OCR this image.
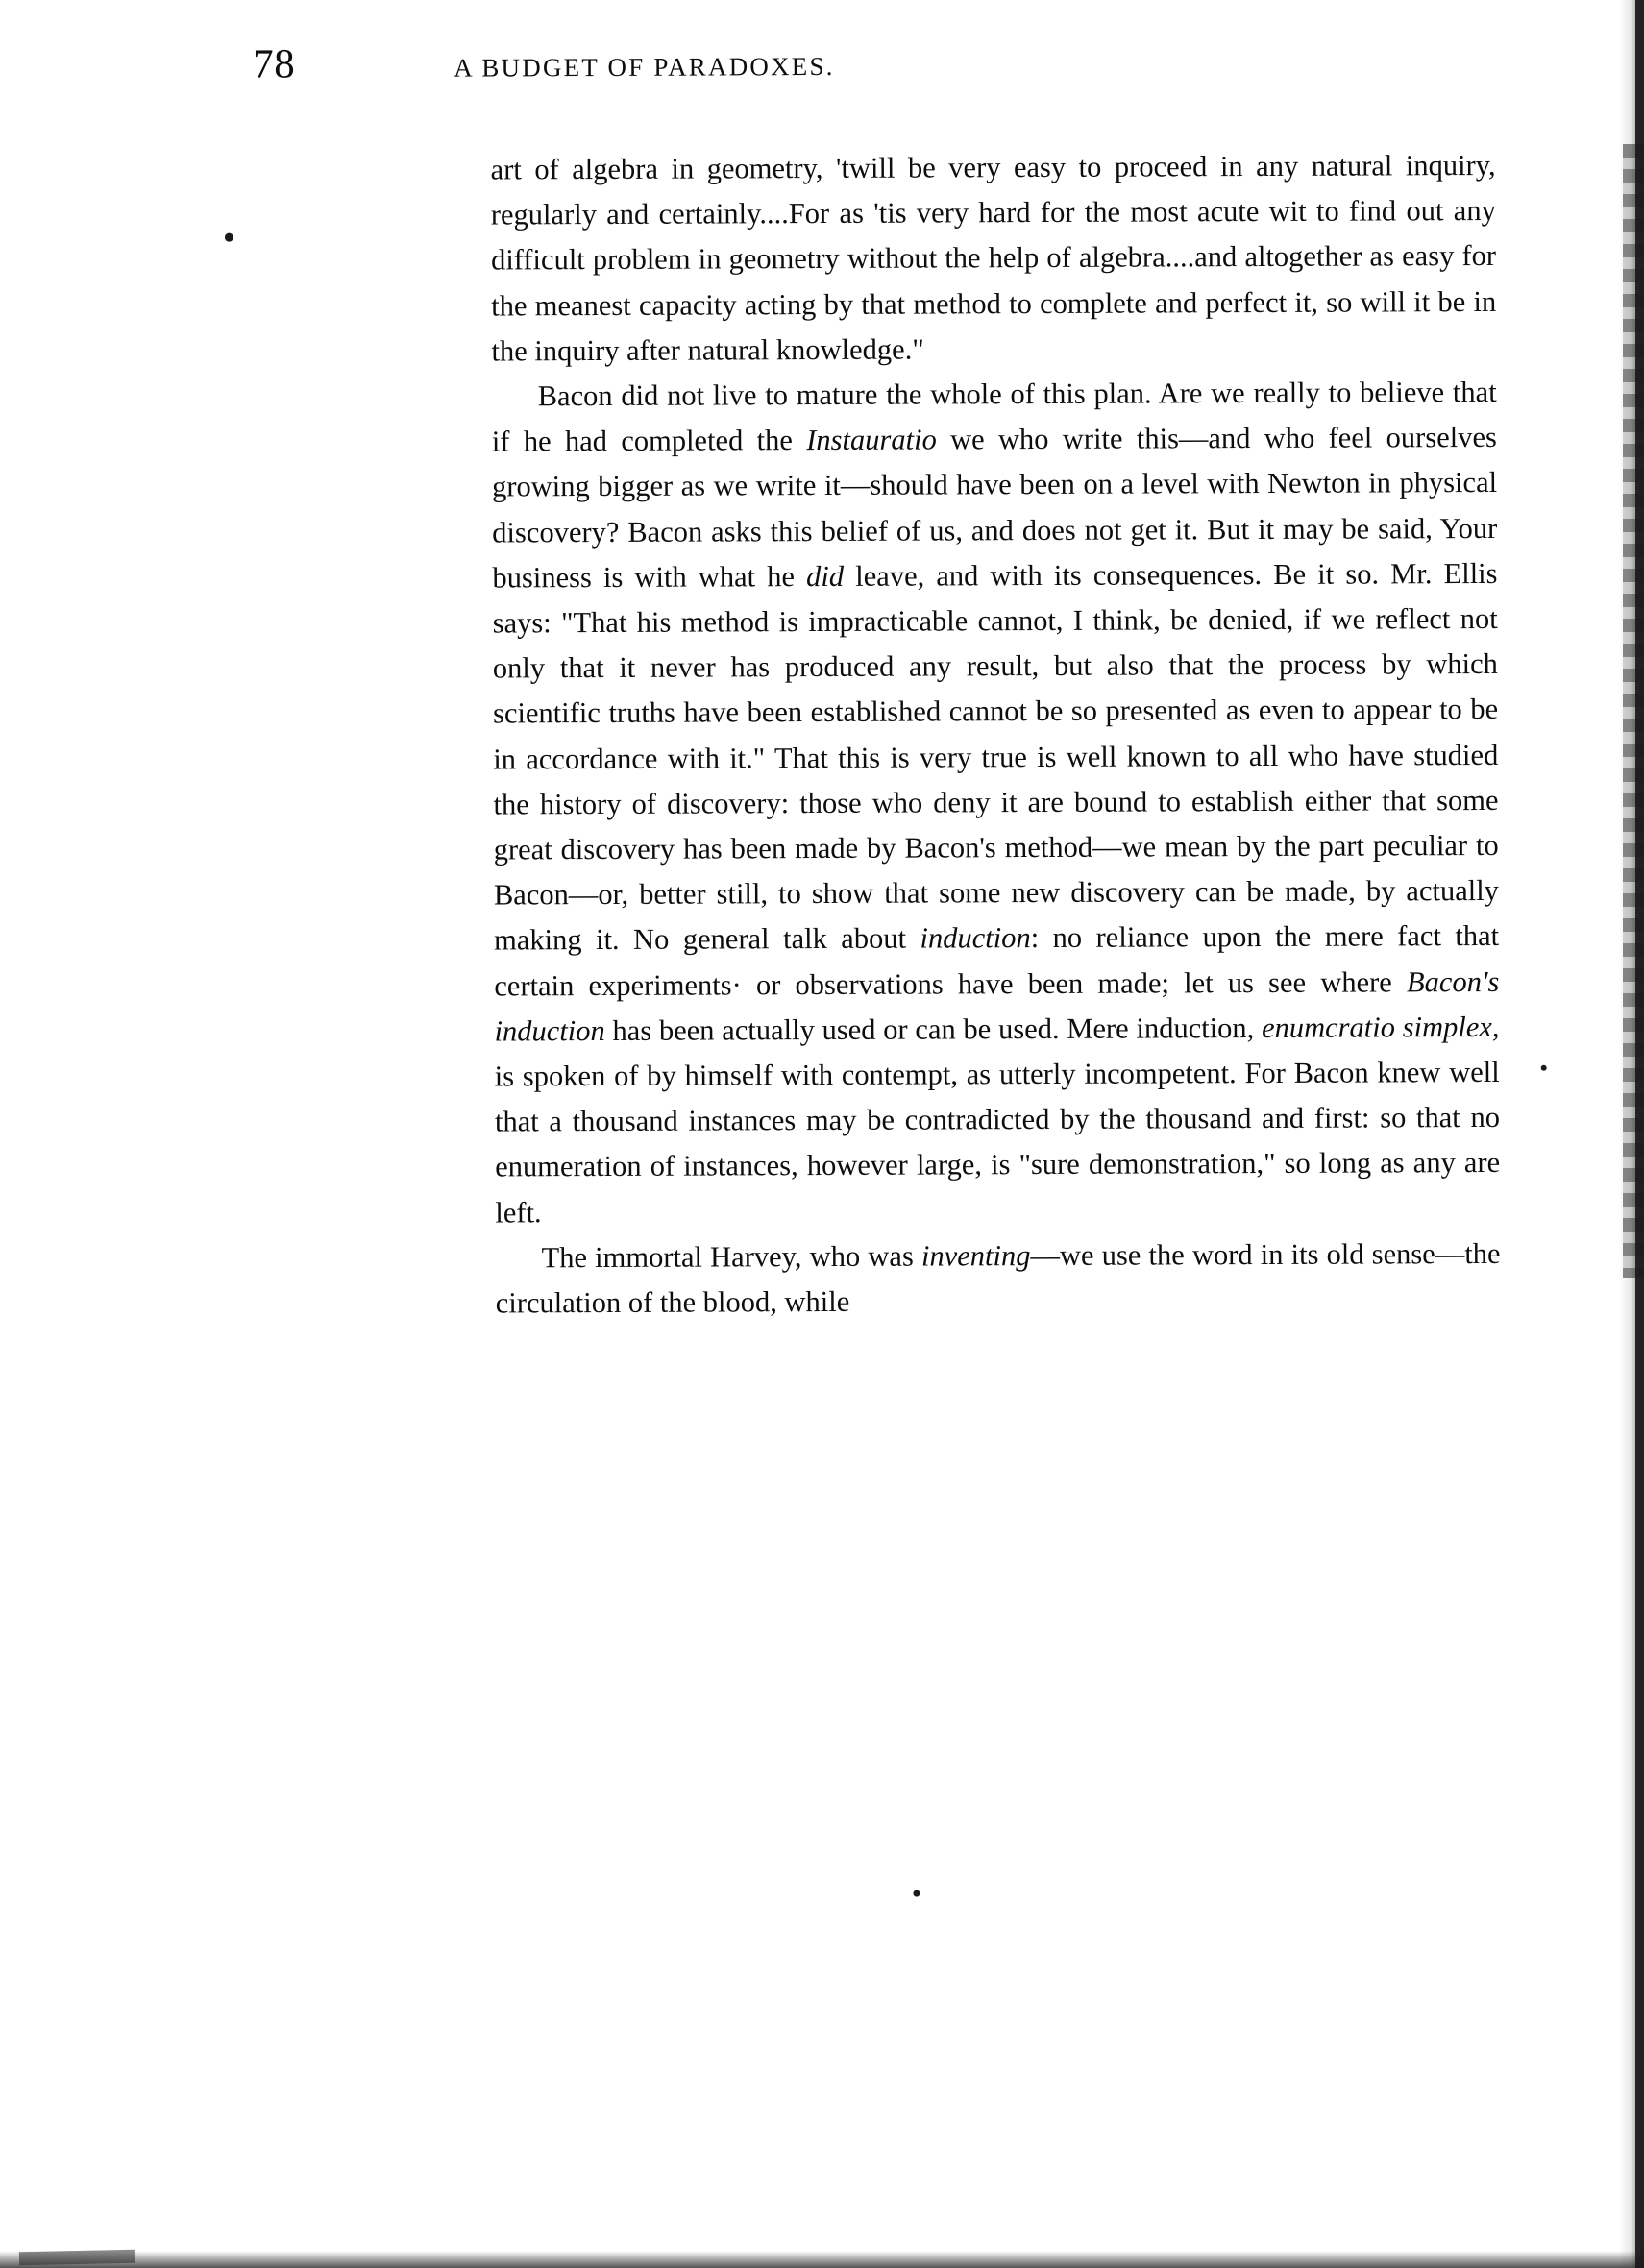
78	A BUDGET OF PARADOXES.

art of algebra in geometry, 'twill be very easy to proceed in any natural inquiry, regularly and certainly....For as 'tis very hard for the most acute wit to find out any difficult problem in geometry without the help of algebra....and altogether as easy for the meanest capacity acting by that method to complete and perfect it, so will it be in the inquiry after natural knowledge."

Bacon did not live to mature the whole of this plan. Are we really to believe that if he had completed the Instauratio we who write this—and who feel ourselves growing bigger as we write it—should have been on a level with Newton in physical discovery? Bacon asks this belief of us, and does not get it. But it may be said, Your business is with what he did leave, and with its consequences. Be it so. Mr. Ellis says: "That his method is impracticable cannot, I think, be denied, if we reflect not only that it never has produced any result, but also that the process by which scientific truths have been established cannot be so presented as even to appear to be in accordance with it." That this is very true is well known to all who have studied the history of discovery: those who deny it are bound to establish either that some great discovery has been made by Bacon's method—we mean by the part peculiar to Bacon—or, better still, to show that some new discovery can be made, by actually making it. No general talk about induction: no reliance upon the mere fact that certain experiments· or observations have been made; let us see where Bacon's induction has been actually used or can be used. Mere induction, enumcratio simplex, is spoken of by himself with contempt, as utterly incompetent. For Bacon knew well that a thousand instances may be contradicted by the thousand and first: so that no enumeration of instances, however large, is "sure demonstration," so long as any are left.

The immortal Harvey, who was inventing—we use the word in its old sense—the circulation of the blood, while
